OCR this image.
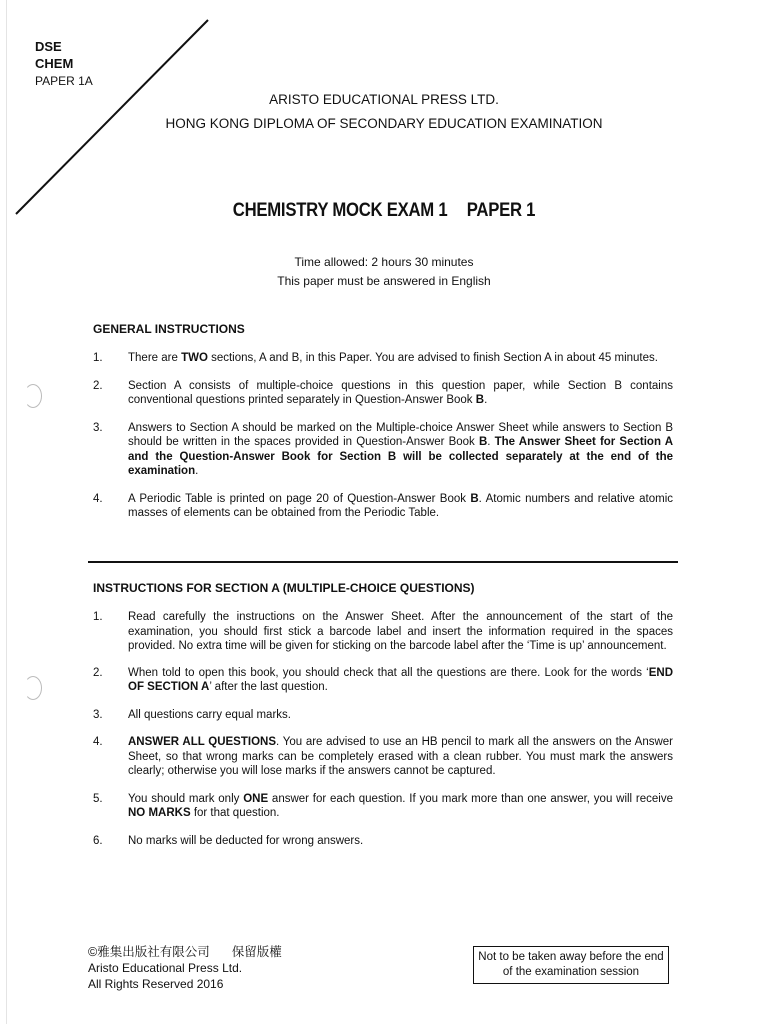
DSE
CHEM
PAPER 1A
ARISTO EDUCATIONAL PRESS LTD.
HONG KONG DIPLOMA OF SECONDARY EDUCATION EXAMINATION
CHEMISTRY MOCK EXAM 1 PAPER 1
Time allowed: 2 hours 30 minutes
This paper must be answered in English
GENERAL INSTRUCTIONS
1.	There are TWO sections, A and B, in this Paper. You are advised to finish Section A in about 45 minutes.
2.	Section A consists of multiple-choice questions in this question paper, while Section B contains conventional questions printed separately in Question-Answer Book B.
3.	Answers to Section A should be marked on the Multiple-choice Answer Sheet while answers to Section B should be written in the spaces provided in Question-Answer Book B. The Answer Sheet for Section A and the Question-Answer Book for Section B will be collected separately at the end of the examination.
4.	A Periodic Table is printed on page 20 of Question-Answer Book B. Atomic numbers and relative atomic masses of elements can be obtained from the Periodic Table.
INSTRUCTIONS FOR SECTION A (MULTIPLE-CHOICE QUESTIONS)
1.	Read carefully the instructions on the Answer Sheet. After the announcement of the start of the examination, you should first stick a barcode label and insert the information required in the spaces provided. No extra time will be given for sticking on the barcode label after the ‘Time is up’ announcement.
2.	When told to open this book, you should check that all the questions are there. Look for the words ‘END OF SECTION A’ after the last question.
3.	All questions carry equal marks.
4.	ANSWER ALL QUESTIONS. You are advised to use an HB pencil to mark all the answers on the Answer Sheet, so that wrong marks can be completely erased with a clean rubber. You must mark the answers clearly; otherwise you will lose marks if the answers cannot be captured.
5.	You should mark only ONE answer for each question. If you mark more than one answer, you will receive NO MARKS for that question.
6.	No marks will be deducted for wrong answers.
©雅集出版社有限公司 保留版權
Aristo Educational Press Ltd.
All Rights Reserved 2016
Not to be taken away before the end of the examination session
